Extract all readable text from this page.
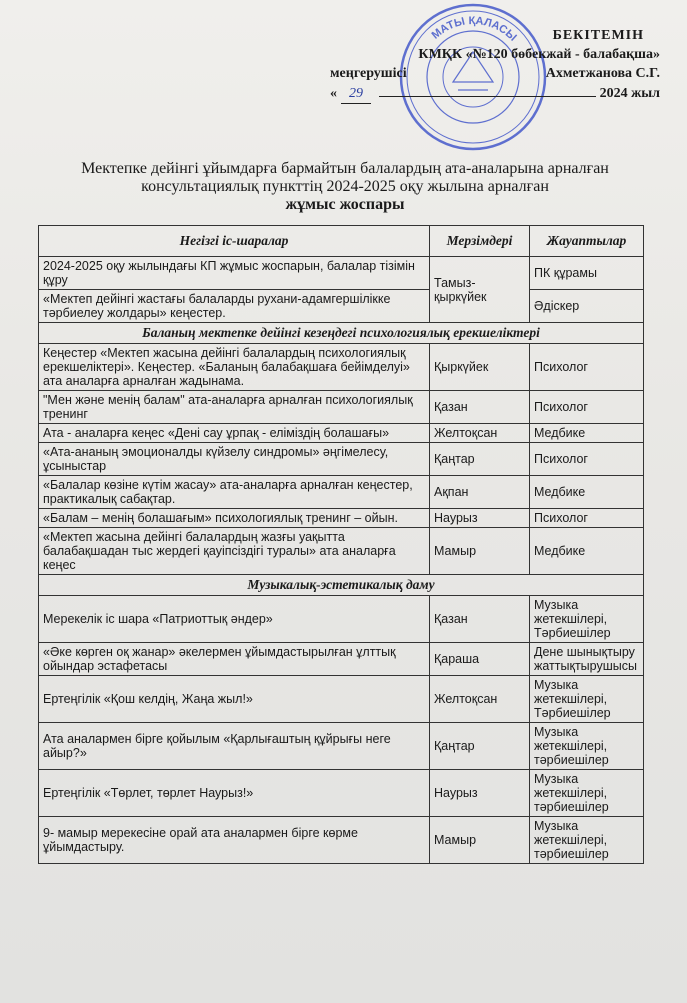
МАТЫ ҚАЛАСЫ	БЕКІТЕМІН
КМҚК «№120 бөбекжай - балабақша»
меңгерушісі	Ахметжанова С.Г.
« 29	2024 жыл
Мектепке дейінгі ұйымдарға бармайтын балалардың ата-аналарына арналған
консультациялық пункттің 2024-2025 оқу жылына арналған
жұмыс жоспары
Негізгі іс-шаралар	Мерзімдері	Жауаптылар
2024-2025 оқу жылындағы КП жұмыс жоспарын, балалар тізімін құру	Тамыз-қыркүйек	ПК құрамы
«Мектеп дейінгі жастағы балаларды рухани-адамгершілікке тәрбиелеу жолдары» кеңестер.		Әдіскер
Баланың мектепке дейінгі кезеңдегі психологиялық ерекшеліктері		
Кеңестер «Мектеп жасына дейінгі балалардың психологиялық ерекшеліктері». Кеңестер. «Баланың балабақшаға бейімделуі» ата аналарға арналған жадынама.	Қыркүйек	Психолог
"Мен және менің балам" ата-аналарға арналған психологиялық тренинг	Қазан	Психолог
Ата - аналарға кеңес «Дені сау ұрпақ - еліміздің болашағы»	Желтоқсан	Медбике
«Ата-ананың эмоционалды күйзелу синдромы» әңгімелесу, ұсыныстар	Қаңтар	Психолог
«Балалар көзіне күтім жасау» ата-аналарға арналған кеңестер, практикалық сабақтар.	Ақпан	Медбике
«Балам – менің болашағым» психологиялық тренинг – ойын.	Наурыз	Психолог
«Мектеп жасына дейінгі балалардың жазғы уақытта балабақшадан тыс жердегі қауіпсіздігі туралы» ата аналарға кеңес	Мамыр	Медбике
Музыкалық-эстетикалық даму		
Мерекелік іс шара «Патриоттық әндер»	Қазан	Музыка жетекшілері, Тәрбиешілер
«Әке көрген оқ жанар» әкелермен ұйымдастырылған ұлттық ойындар эстафетасы	Қараша	Дене шынықтыру жаттықтырушысы
Ертеңгілік «Қош келдің, Жаңа жыл!»	Желтоқсан	Музыка жетекшілері, Тәрбиешілер
Ата аналармен бірге қойылым «Қарлығаштың құйрығы неге айыр?»	Қаңтар	Музыка жетекшілері, тәрбиешілер
Ертеңгілік «Төрлет, төрлет Наурыз!»	Наурыз	Музыка жетекшілері, тәрбиешілер
9- мамыр мерекесіне орай ата аналармен бірге көрме ұйымдастыру.	Мамыр	Музыка жетекшілері, тәрбиешілер
